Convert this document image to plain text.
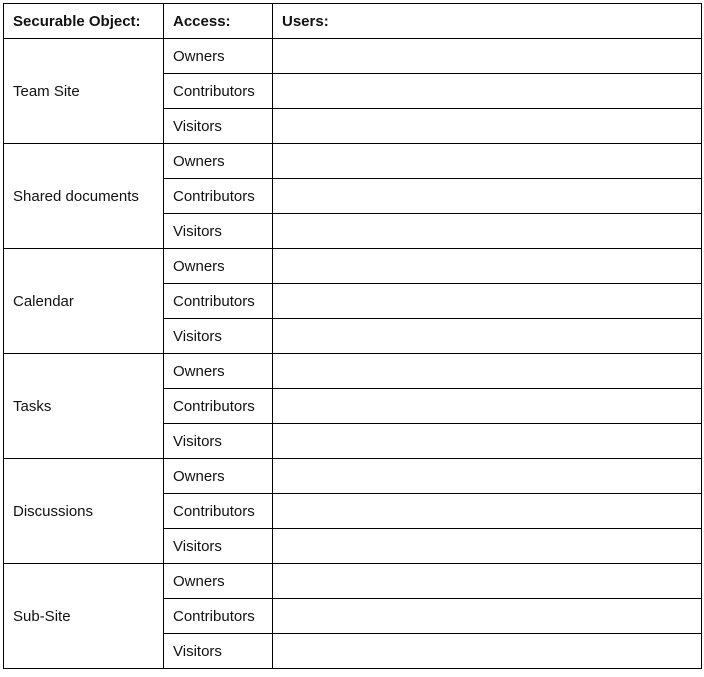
Securable Object:	Access:	Users:
Team Site	Owners	
	Contributors	
	Visitors	
Shared documents	Owners	
	Contributors	
	Visitors	
Calendar	Owners	
	Contributors	
	Visitors	
Tasks	Owners	
	Contributors	
	Visitors	
Discussions	Owners	
	Contributors	
	Visitors	
Sub-Site	Owners	
	Contributors	
	Visitors	
